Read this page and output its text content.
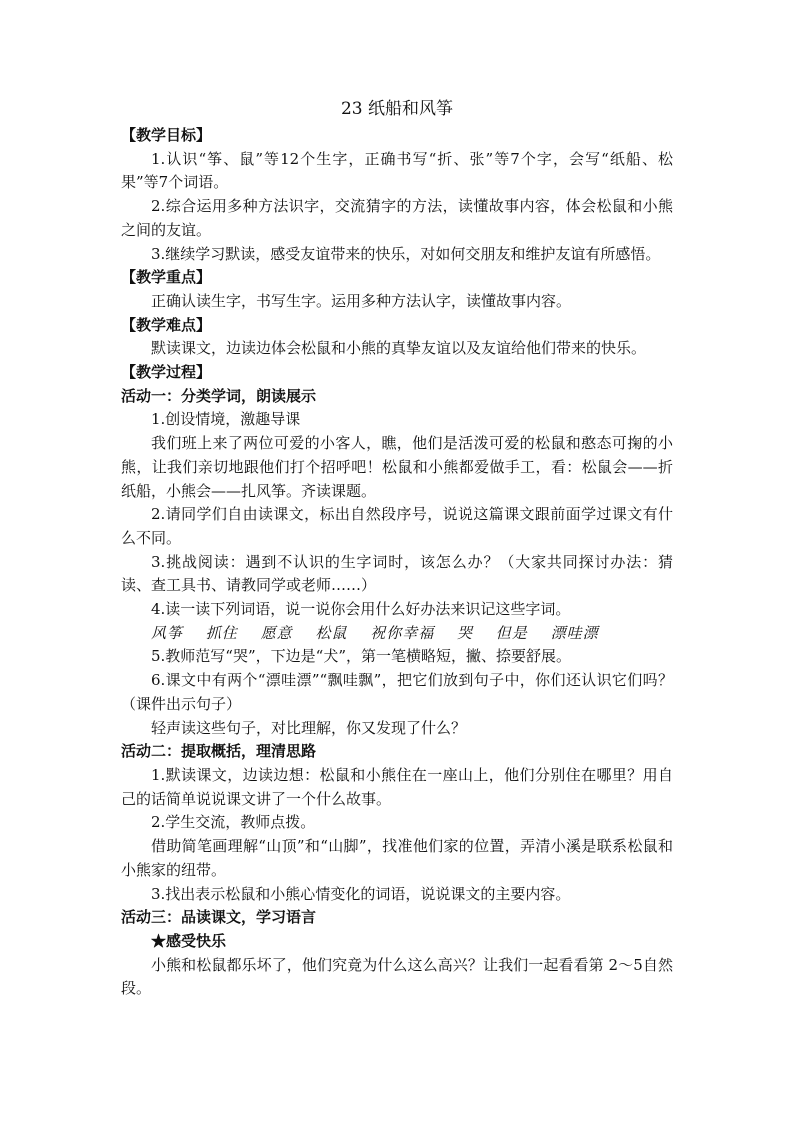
23 纸船和风筝

【教学目标】

1.认识“筝、鼠”等12个生字，正确书写“折、张”等7个字，会写“纸船、松果”等7个词语。

2.综合运用多种方法识字，交流猜字的方法，读懂故事内容，体会松鼠和小熊之间的友谊。

3.继续学习默读，感受友谊带来的快乐，对如何交朋友和维护友谊有所感悟。

【教学重点】

正确认读生字，书写生字。运用多种方法认字，读懂故事内容。

【教学难点】

默读课文，边读边体会松鼠和小熊的真挚友谊以及友谊给他们带来的快乐。

【教学过程】

活动一：分类学词，朗读展示

1.创设情境，激趣导课

我们班上来了两位可爱的小客人，瞧，他们是活泼可爱的松鼠和憨态可掬的小熊，让我们亲切地跟他们打个招呼吧！松鼠和小熊都爱做手工，看：松鼠会——折纸船，小熊会——扎风筝。齐读课题。

2.请同学们自由读课文，标出自然段序号，说说这篇课文跟前面学过课文有什么不同。

3.挑战阅读：遇到不认识的生字词时，该怎么办？（大家共同探讨办法：猜读、查工具书、请教同学或老师……）

4.读一读下列词语，说一说你会用什么好办法来识记这些字词。

风筝 抓住 愿意 松鼠 祝你幸福 哭 但是 漂哇漂

5.教师范写“哭”，下边是“犬”，第一笔横略短，撇、捺要舒展。

6.课文中有两个“漂哇漂”“飘哇飘”，把它们放到句子中，你们还认识它们吗？（课件出示句子）

轻声读这些句子，对比理解，你又发现了什么？

活动二：提取概括，理清思路

1.默读课文，边读边想：松鼠和小熊住在一座山上，他们分别住在哪里？用自己的话简单说说课文讲了一个什么故事。

2.学生交流，教师点拨。

借助简笔画理解“山顶”和“山脚”，找准他们家的位置，弄清小溪是联系松鼠和小熊家的纽带。

3.找出表示松鼠和小熊心情变化的词语，说说课文的主要内容。

活动三：品读课文，学习语言

★感受快乐

小熊和松鼠都乐坏了，他们究竟为什么这么高兴？让我们一起看看第 2～5自然段。
